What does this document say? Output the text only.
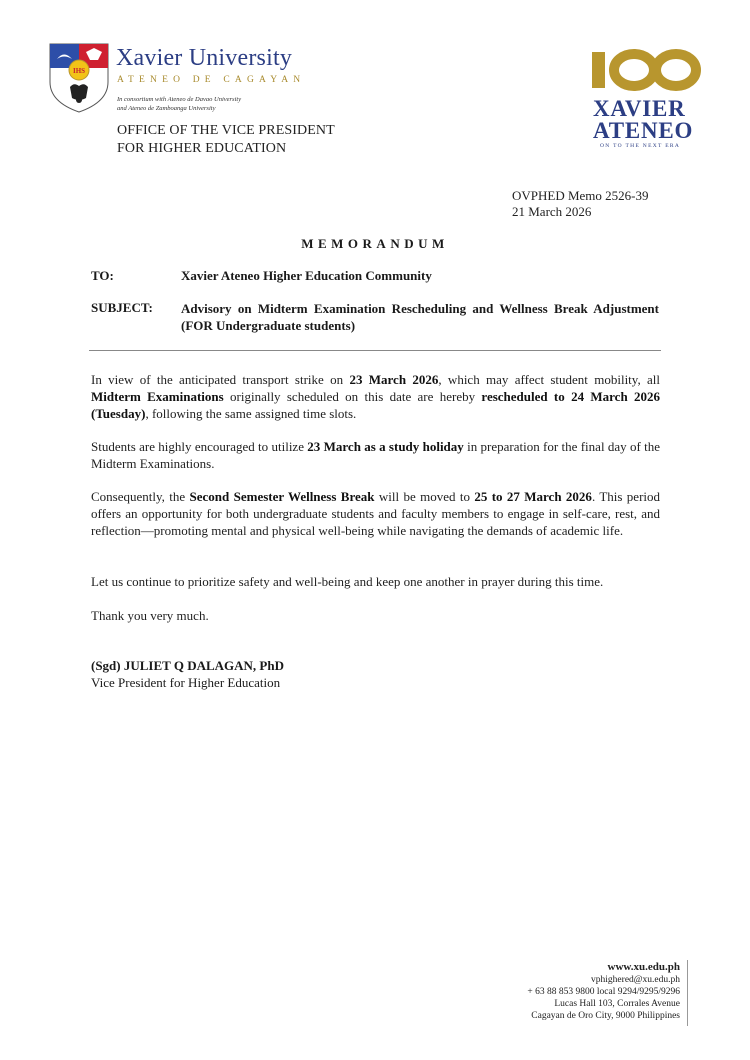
IHS Xavier University
ATENEO DE CAGAYAN
In consortium with Ateneo de Davao University
and Ateneo de Zamboanga University
OFFICE OF THE VICE PRESIDENT
FOR HIGHER EDUCATION
XAVIER
ATENEO
ON TO THE NEXT ERA
OVPHED Memo 2526-39
21 March 2026
MEMORANDUM
TO:	Xavier Ateneo Higher Education Community
SUBJECT: Advisory on Midterm Examination Rescheduling and Wellness Break Adjustment (FOR Undergraduate students)
In view of the anticipated transport strike on 23 March 2026, which may affect student mobility, all Midterm Examinations originally scheduled on this date are hereby rescheduled to 24 March 2026 (Tuesday), following the same assigned time slots.
Students are highly encouraged to utilize 23 March as a study holiday in preparation for the final day of the Midterm Examinations.
Consequently, the Second Semester Wellness Break will be moved to 25 to 27 March 2026. This period offers an opportunity for both undergraduate students and faculty members to engage in self-care, rest, and reflection—promoting mental and physical well-being while navigating the demands of academic life.
Let us continue to prioritize safety and well-being and keep one another in prayer during this time.
Thank you very much.
(Sgd) JULIET Q DALAGAN, PhD
Vice President for Higher Education
www.xu.edu.ph
vphighered@xu.edu.ph
+ 63 88 853 9800 local 9294/9295/9296
Lucas Hall 103, Corrales Avenue
Cagayan de Oro City, 9000 Philippines
